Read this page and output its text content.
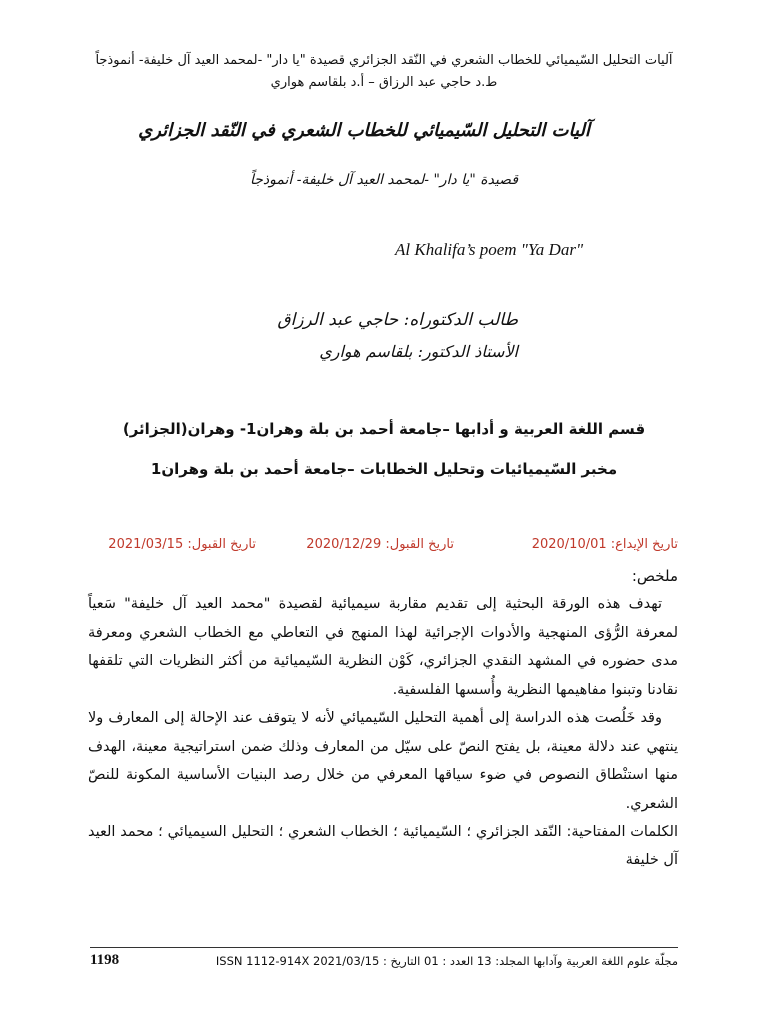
آليات التحليل السّيميائي للخطاب الشعري في النّقد الجزائري قصيدة "يا دار" -لمحمد العيد آل خليفة- أنموذجاً
ط.د حاجي عبد الرزاق – أ.د بلقاسم هواري
آليات التحليل السّيميائي للخطاب الشعري في النّقد الجزائري
قصيدة "يا دار" -لمحمد العيد آل خليفة- أنموذجاً
Al Khalifa’s poem "Ya Dar"
طالب الدكتوراه: حاجي عبد الرزاق
الأستاذ الدكتور: بلقاسم هواري
قسم اللغة العربية و أدابها –جامعة أحمد بن بلة وهران1- وهران(الجزائر)
مخبر السّيميائيات وتحليل الخطابات –جامعة أحمد بن بلة وهران1
تاريخ الإيداع: 2020/10/01
تاريخ القبول: 2020/12/29
تاريخ القبول: 2021/03/15
ملخص:

تهدف هذه الورقة البحثية إلى تقديم مقاربة سيميائية لقصيدة "محمد العيد آل خليفة" سَعياً لمعرفة الرُّؤى المنهجية والأدوات الإجرائية لهذا المنهج في التعاطي مع الخطاب الشعري ومعرفة مدى حضوره في المشهد النقدي الجزائري، كَوْن النظرية السّيميائية من أكثر النظريات التي تلقفها نقادنا وتبنوا مفاهيمها النظرية وأُسسها الفلسفية.

وقد خَلُصت هذه الدراسة إلى أهمية التحليل السّيميائي لأنه لا يتوقف عند الإحالة إلى المعارف ولا ينتهي عند دلالة معينة، بل يفتح النصّ على سيّل من المعارف وذلك ضمن استراتيجية معينة، الهدف منها استنْطاق النصوص في ضوء سياقها المعرفي من خلال رصد البنيات الأساسية المكونة للنصّ الشعري.

الكلمات المفتاحية: النّقد الجزائري ؛ السّيميائية ؛ الخطاب الشعري ؛ التحليل السيميائي ؛ محمد العيد آل خليفة
1198	مجلّة علوم اللغة العربية وآدابها المجلد: 13 العدد : 01 التاريخ : 2021/03/15 ISSN 1112-914X
